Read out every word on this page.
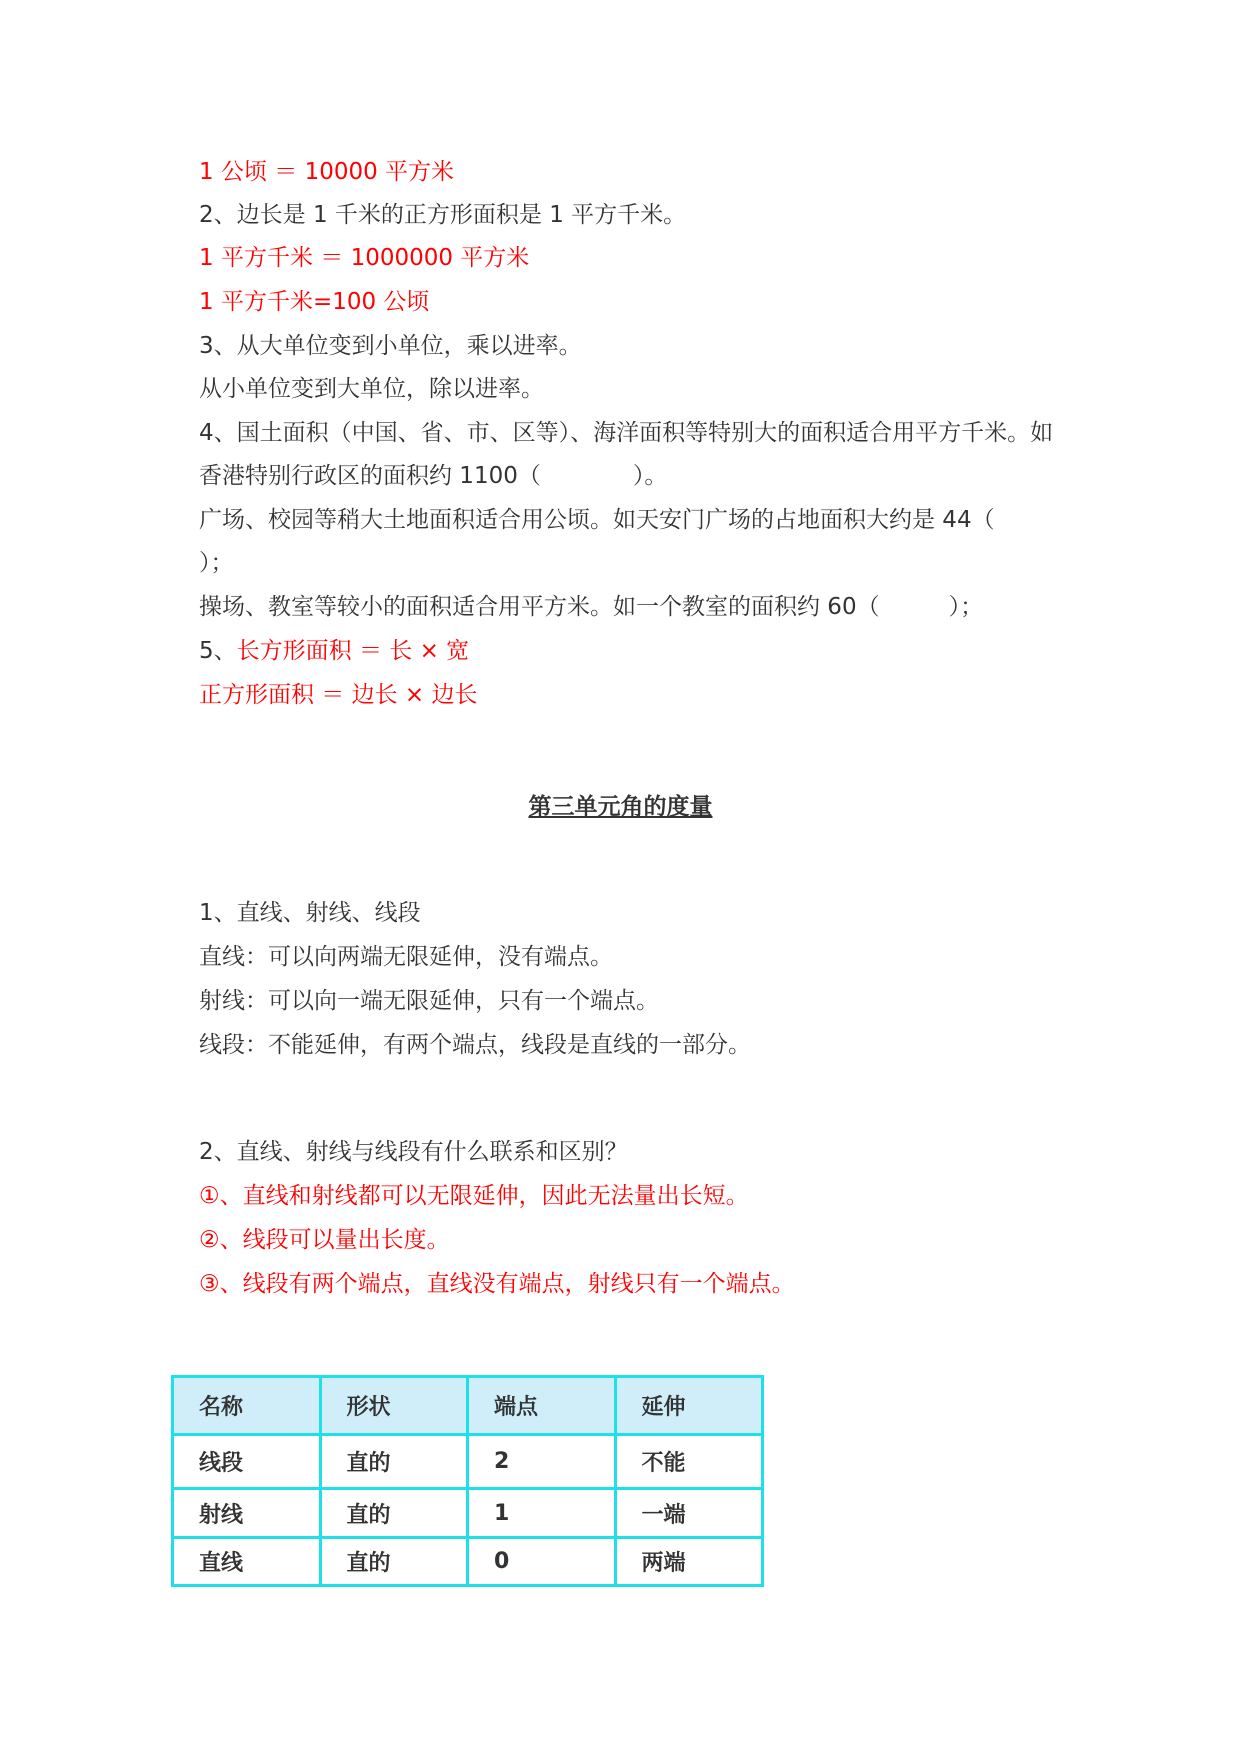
1 公顷 ＝ 10000 平方米
2、边长是 1 千米的正方形面积是 1 平方千米。
1 平方千米 ＝ 1000000 平方米
1 平方千米=100 公顷
3、从大单位变到小单位，乘以进率。
从小单位变到大单位，除以进率。
4、国土面积（中国、省、市、区等）、海洋面积等特别大的面积适合用平方千米。如
香港特别行政区的面积约 1100（　　　　）。
广场、校园等稍大土地面积适合用公顷。如天安门广场的占地面积大约是 44（
）；
操场、教室等较小的面积适合用平方米。如一个教室的面积约 60（　　　）；
5、长方形面积 ＝ 长 × 宽
正方形面积 ＝ 边长 × 边长
第三单元角的度量
1、直线、射线、线段
直线：可以向两端无限延伸，没有端点。
射线：可以向一端无限延伸，只有一个端点。
线段：不能延伸，有两个端点，线段是直线的一部分。
2、直线、射线与线段有什么联系和区别？
①、直线和射线都可以无限延伸，因此无法量出长短。
②、线段可以量出长度。
③、线段有两个端点，直线没有端点，射线只有一个端点。
名称	形状	端点	延伸
线段	直的	2	不能
射线	直的	1	一端
直线	直的	0	两端
